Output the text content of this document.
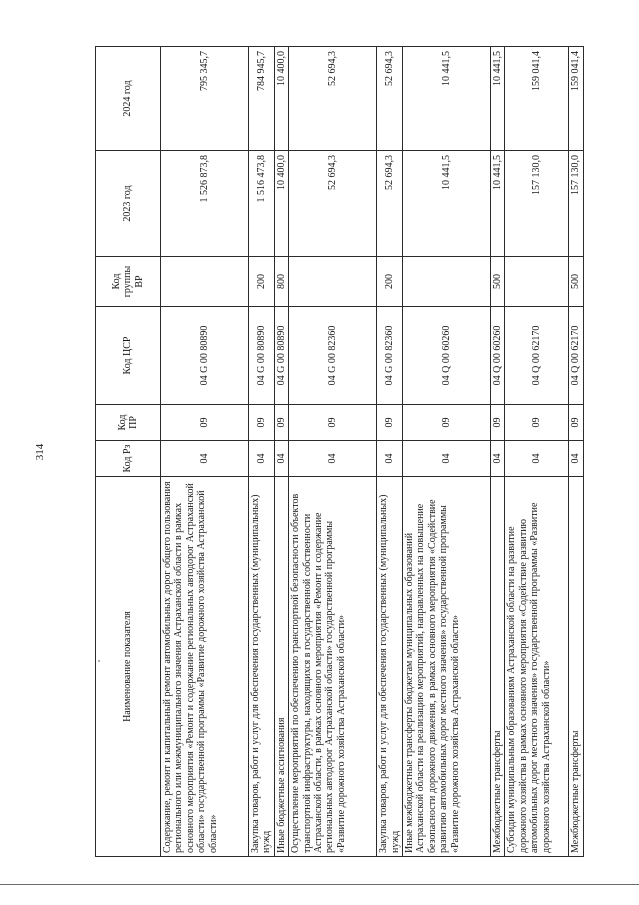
314
Наименование показателя	Код Рз	Код ПР	Код ЦСР	Код группы ВР	2023 год	2024 год
Содержание, ремонт и капитальный ремонт автомобильных дорог общего пользования регионального или межмуниципального значения Астраханской области в рамках основного мероприятия «Ремонт и содержание региональных автодорог Астраханской области» государственной программы «Развитие дорожного хозяйства Астраханской области»	04	09	04 G 00 80890		1 526 873,8	795 345,7
Закупка товаров, работ и услуг для обеспечения государственных (муниципальных) нужд	04	09	04 G 00 80890	200	1 516 473,8	784 945,7
Иные бюджетные ассигнования	04	09	04 G 00 80890	800	10 400,0	10 400,0
Осуществление мероприятий по обеспечению транспортной безопасности объектов транспортной инфраструктуры, находящихся в государственной собственности Астраханской области, в рамках основного мероприятия «Ремонт и содержание региональных автодорог Астраханской области» государственной программы «Развитие дорожного хозяйства Астраханской области»	04	09	04 G 00 82360		52 694,3	52 694,3
Закупка товаров, работ и услуг для обеспечения государственных (муниципальных) нужд	04	09	04 G 00 82360	200	52 694,3	52 694,3
Иные межбюджетные трансферты бюджетам муниципальных образований Астраханской области на реализацию мероприятий, направленных на повышение безопасности дорожного движения, в рамках основного мероприятия «Содействие развитию автомобильных дорог местного значения» государственной программы «Развитие дорожного хозяйства Астраханской области»	04	09	04 Q 00 60260		10 441,5	10 441,5
Межбюджетные трансферты	04	09	04 Q 00 60260	500	10 441,5	10 441,5
Субсидии муниципальным образованиям Астраханской области на развитие дорожного хозяйства в рамках основного мероприятия «Содействие развитию автомобильных дорог местного значения» государственной программы «Развитие дорожного хозяйства Астраханской области»	04	09	04 Q 00 62170		157 130,0	159 041,4
Межбюджетные трансферты	04	09	04 Q 00 62170	500	157 130,0	159 041,4
